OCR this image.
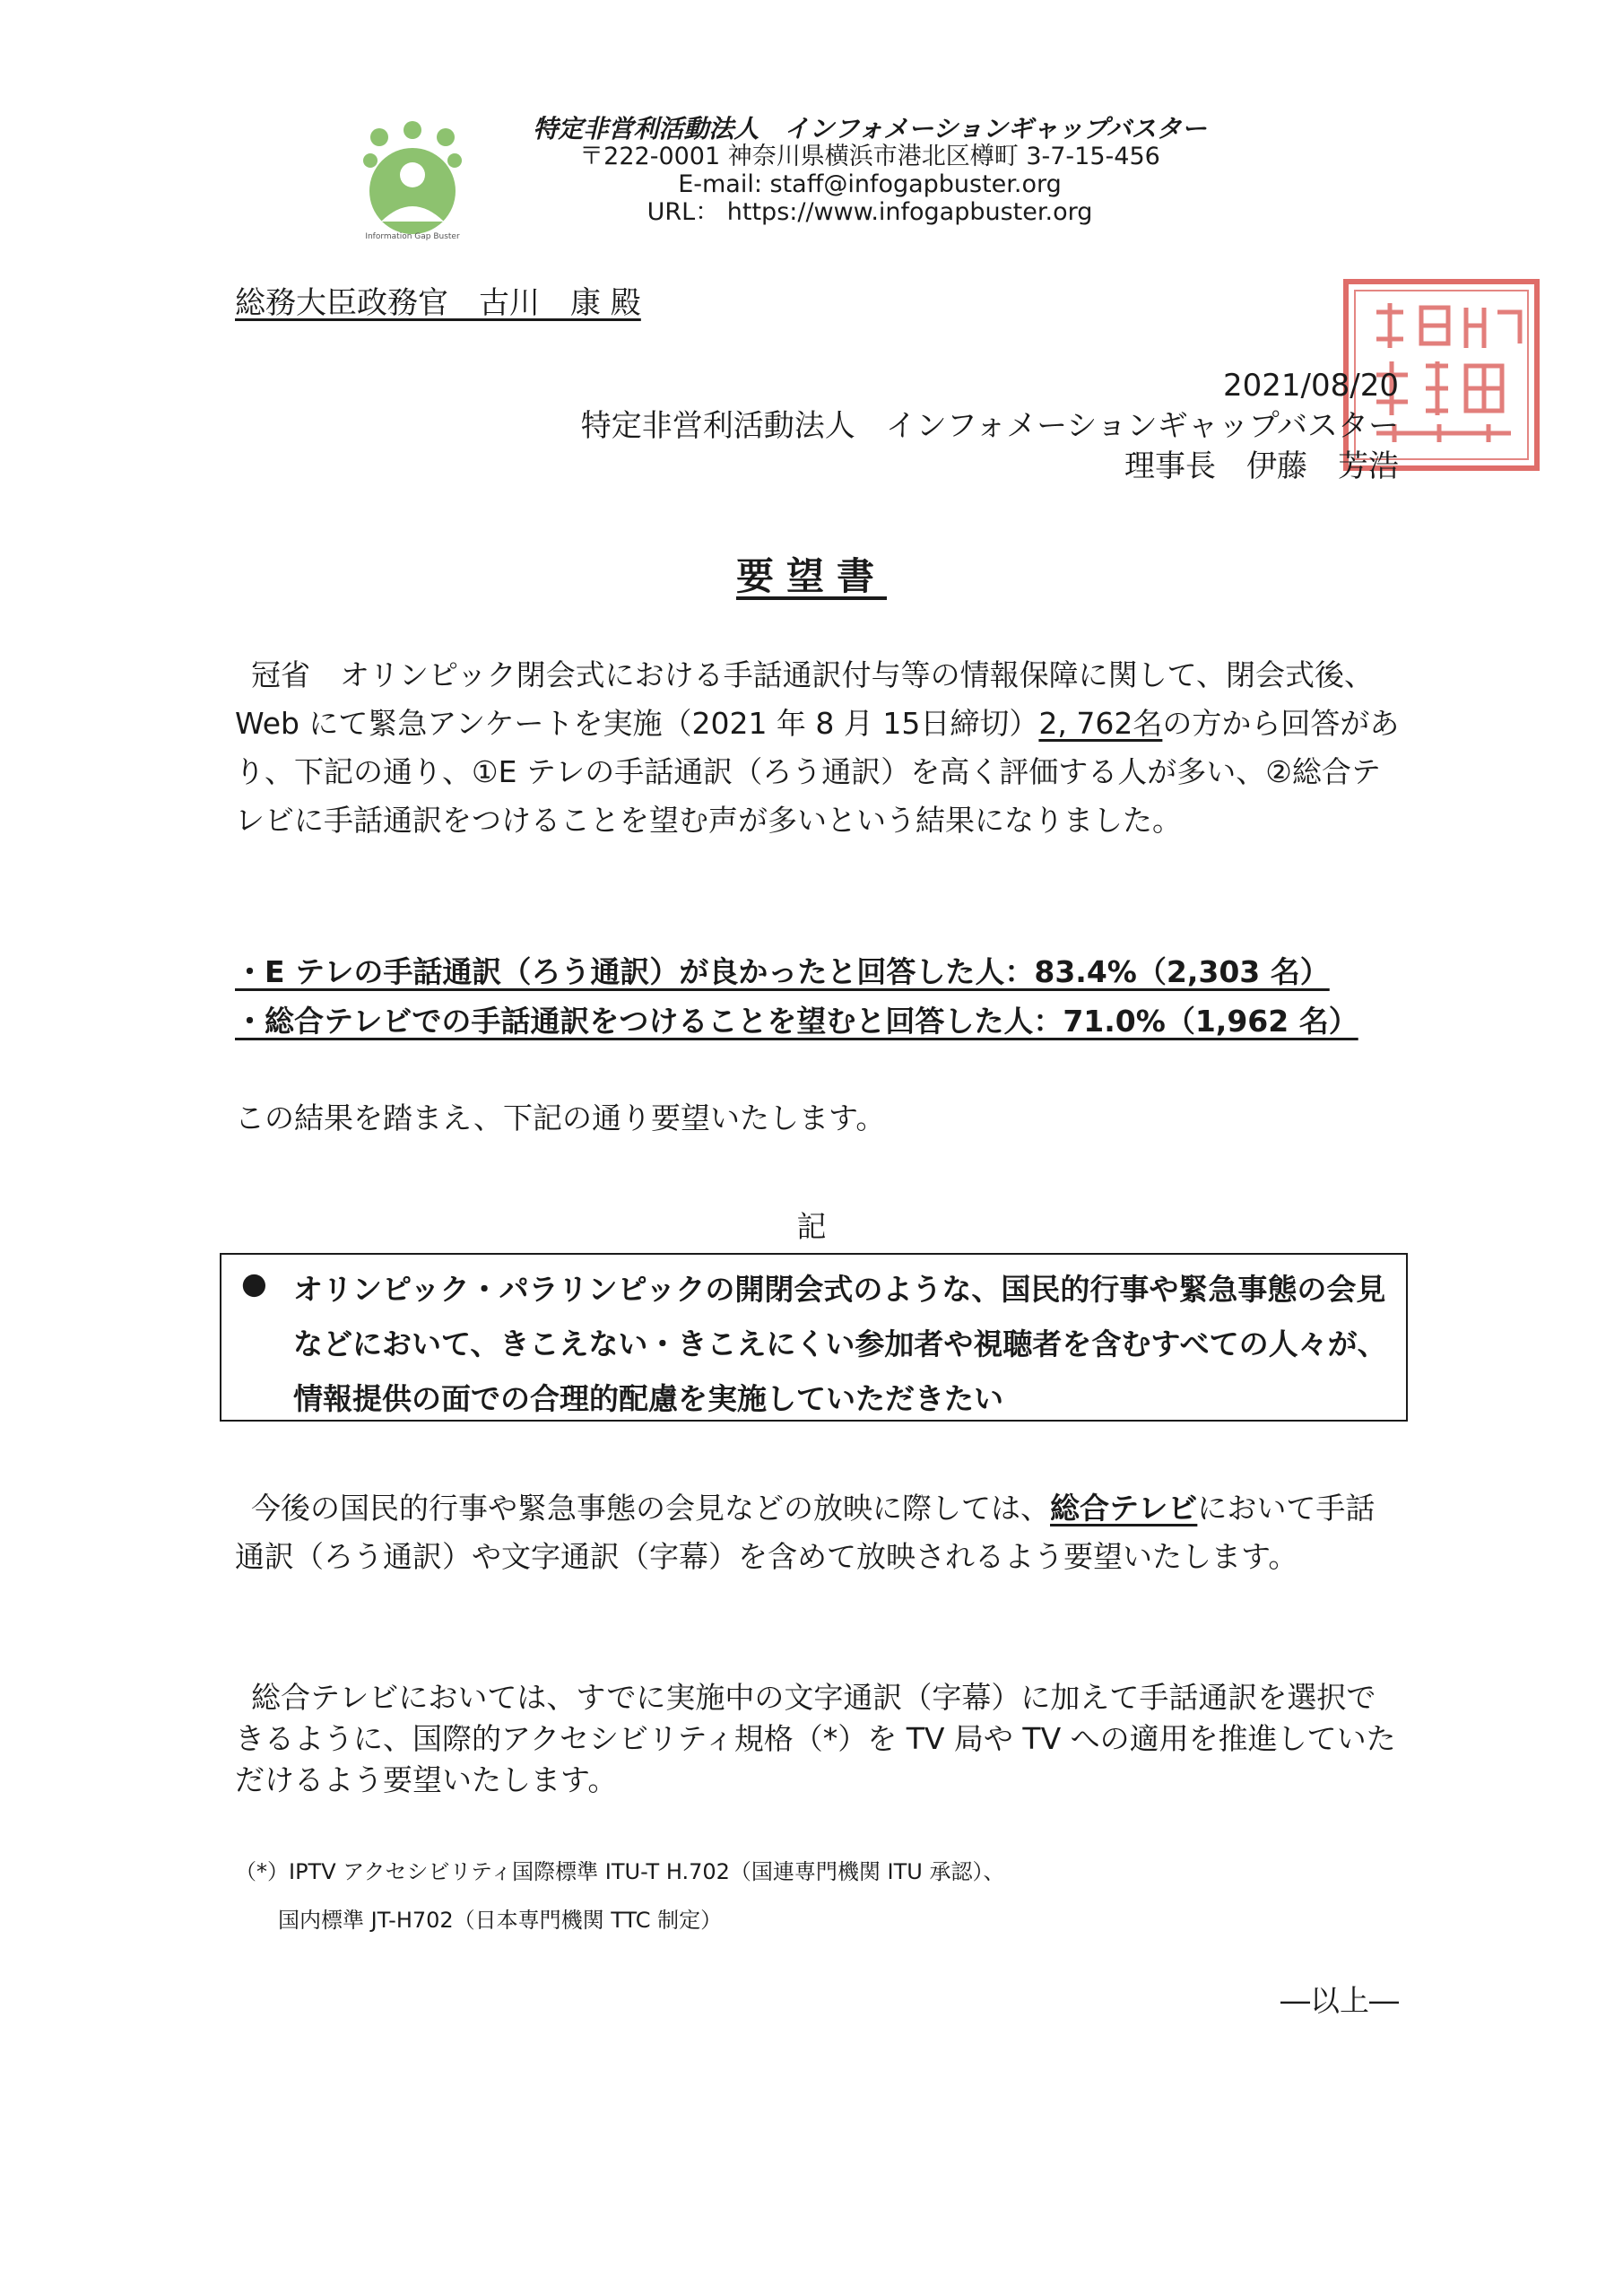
Information Gap Buster
特定非営利活動法人　インフォメーションギャップバスター
〒222-0001 神奈川県横浜市港北区樽町 3-7-15-456
E-mail: staff@infogapbuster.org
URL： https://www.infogapbuster.org
総務大臣政務官　古川　康 殿
2021/08/20
特定非営利活動法人　インフォメーションギャップバスター
理事長　伊藤　芳浩
要望書
冠省　オリンピック閉会式における手話通訳付与等の情報保障に関して、閉会式後、Web にて緊急アンケートを実施（2021 年 8 月 15日締切）2, 762名の方から回答があり、下記の通り、①E テレの手話通訳（ろう通訳）を高く評価する人が多い、②総合テレビに手話通訳をつけることを望む声が多いという結果になりました。
・E テレの手話通訳（ろう通訳）が良かったと回答した人：83.4%（2,303 名）
・総合テレビでの手話通訳をつけることを望むと回答した人：71.0%（1,962 名）
この結果を踏まえ、下記の通り要望いたします。
記
● オリンピック・パラリンピックの開閉会式のような、国民的行事や緊急事態の会見などにおいて、きこえない・きこえにくい参加者や視聴者を含むすべての人々が、情報提供の面での合理的配慮を実施していただきたい
今後の国民的行事や緊急事態の会見などの放映に際しては、総合テレビにおいて手話通訳（ろう通訳）や文字通訳（字幕）を含めて放映されるよう要望いたします。
総合テレビにおいては、すでに実施中の文字通訳（字幕）に加えて手話通訳を選択できるように、国際的アクセシビリティ規格（*）を TV 局や TV への適用を推進していただけるよう要望いたします。
（*）IPTV アクセシビリティ国際標準 ITU-T H.702（国連専門機関 ITU 承認）、
国内標準 JT-H702（日本専門機関 TTC 制定）
―以上―
